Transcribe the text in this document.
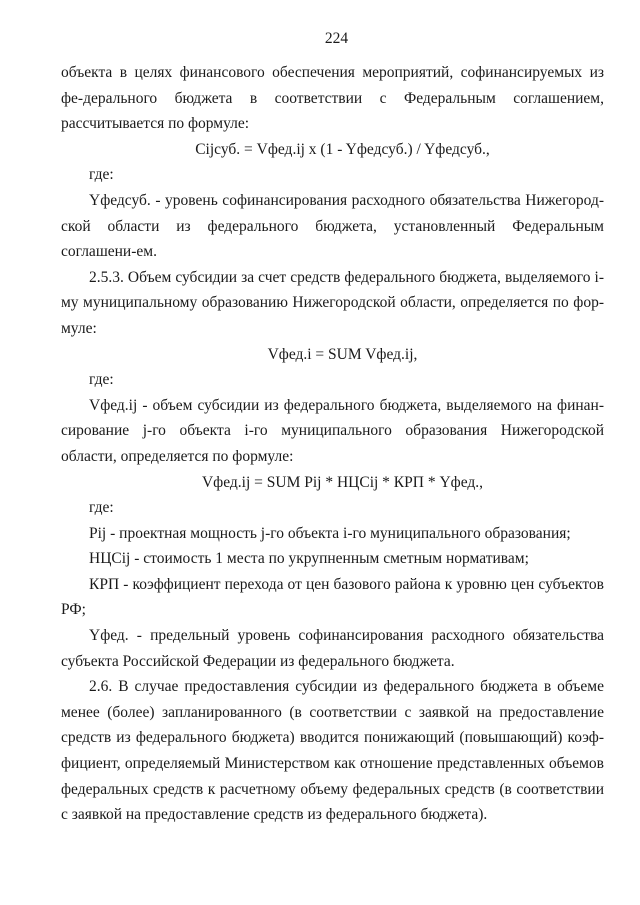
224
объекта в целях финансового обеспечения мероприятий, софинансируемых из фе-дерального бюджета в соответствии с Федеральным соглашением, рассчитывается по формуле:
Cijсуб. = Vфед.ij x (1 - Yфедсуб.) / Yфедсуб.,
где:
Yфедсуб. - уровень софинансирования расходного обязательства Нижегород-ской области из федерального бюджета, установленный Федеральным соглашени-ем.
2.5.3. Объем субсидии за счет средств федерального бюджета, выделяемого i-му муниципальному образованию Нижегородской области, определяется по фор-муле:
Vфед.i = SUM Vфед.ij,
где:
Vфед.ij - объем субсидии из федерального бюджета, выделяемого на финан-сирование j-го объекта i-го муниципального образования Нижегородской области, определяется по формуле:
Vфед.ij = SUM Pij * НЦСij * КРП * Yфед.,
где:
Pij - проектная мощность j-го объекта i-го муниципального образования;
НЦСij - стоимость 1 места по укрупненным сметным нормативам;
КРП - коэффициент перехода от цен базового района к уровню цен субъектов РФ;
Yфед. - предельный уровень софинансирования расходного обязательства субъекта Российской Федерации из федерального бюджета.
2.6. В случае предоставления субсидии из федерального бюджета в объеме менее (более) запланированного (в соответствии с заявкой на предоставление средств из федерального бюджета) вводится понижающий (повышающий) коэф-фициент, определяемый Министерством как отношение представленных объемов федеральных средств к расчетному объему федеральных средств (в соответствии с заявкой на предоставление средств из федерального бюджета).
